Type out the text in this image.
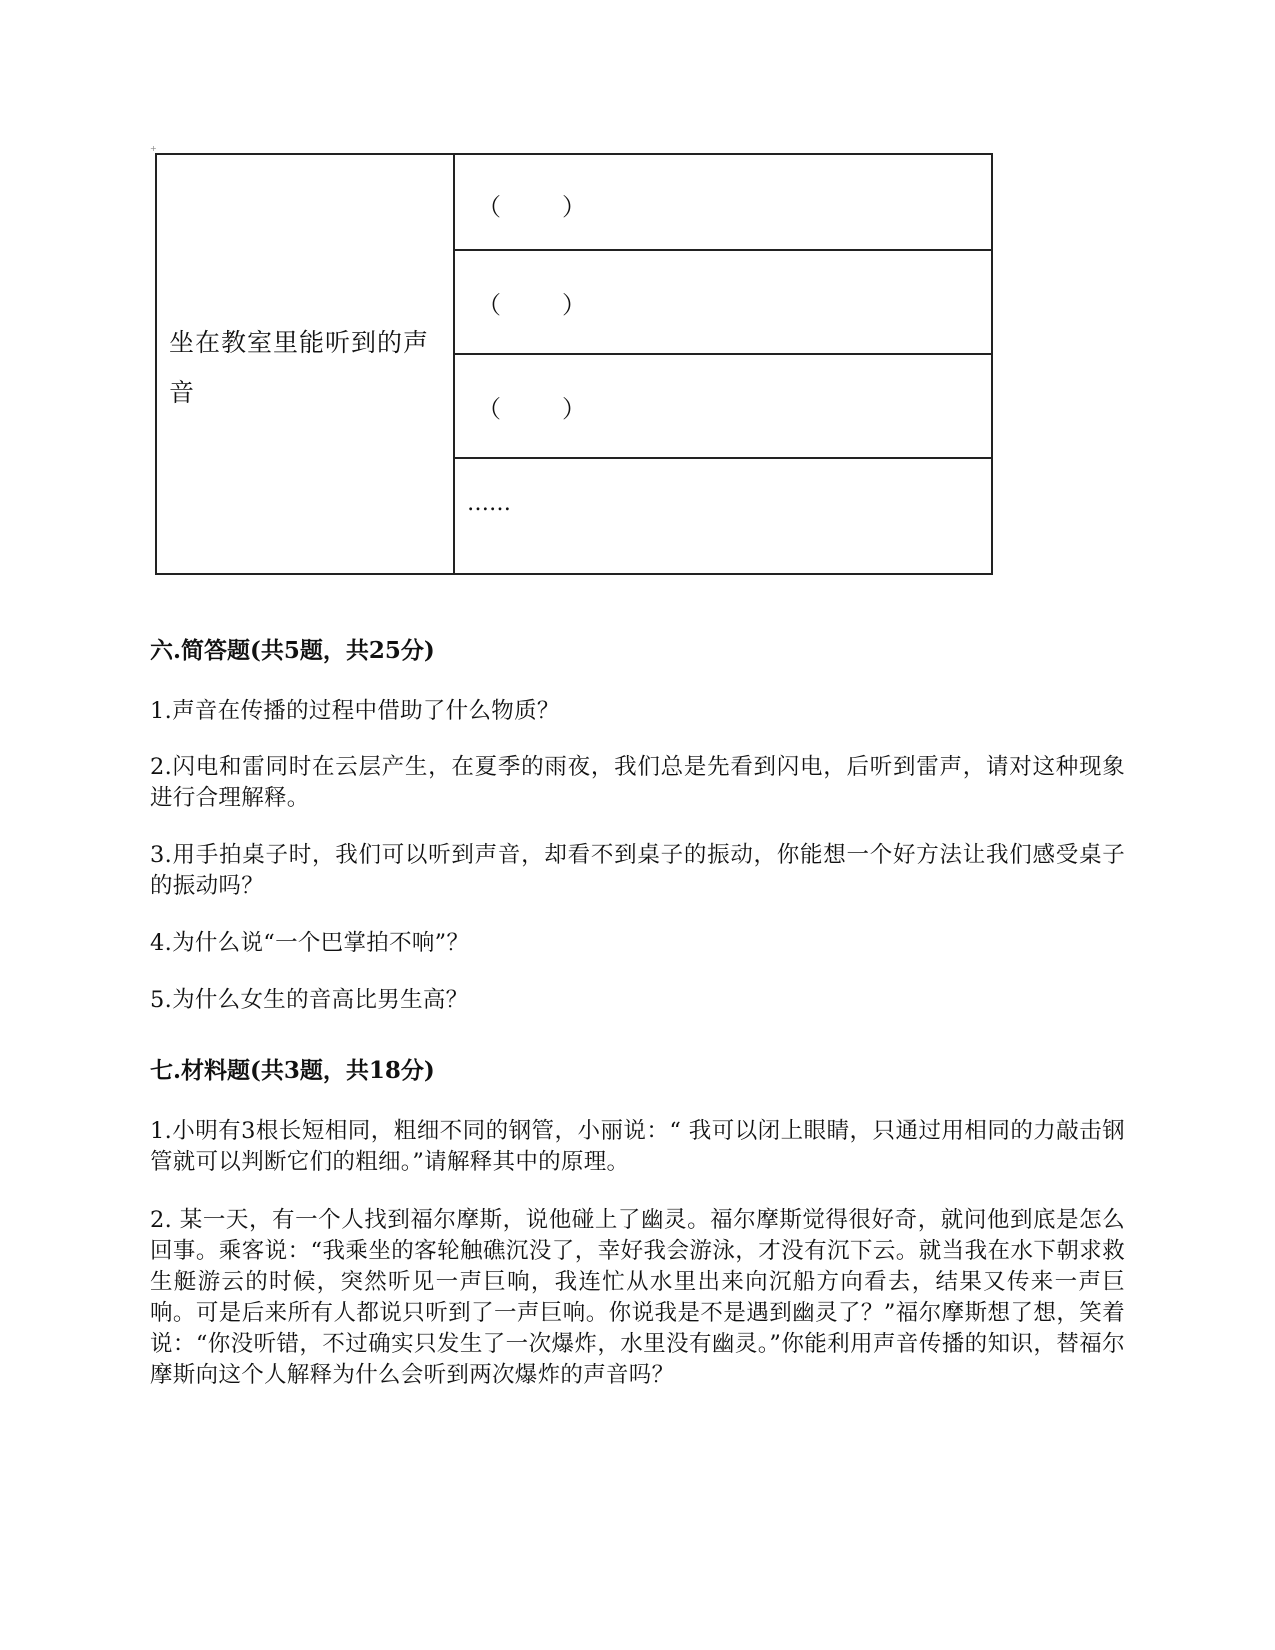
+
坐在教室里能听到的声音
（        ）
（        ）
（        ）
……
六.简答题(共5题，共25分)
1.声音在传播的过程中借助了什么物质？
2.闪电和雷同时在云层产生，在夏季的雨夜，我们总是先看到闪电，后听到雷声，请对这种现象进行合理解释。
3.用手拍桌子时，我们可以听到声音，却看不到桌子的振动，你能想一个好方法让我们感受桌子的振动吗？
4.为什么说“一个巴掌拍不响”？
5.为什么女生的音高比男生高？
七.材料题(共3题，共18分)
1.小明有3根长短相同，粗细不同的钢管，小丽说：“ 我可以闭上眼睛，只通过用相同的力敲击钢管就可以判断它们的粗细。”请解释其中的原理。
2. 某一天，有一个人找到福尔摩斯，说他碰上了幽灵。福尔摩斯觉得很好奇，就问他到底是怎么回事。乘客说：“我乘坐的客轮触礁沉没了，幸好我会游泳，才没有沉下云。就当我在水下朝求救生艇游云的时候，突然听见一声巨响，我连忙从水里出来向沉船方向看去，结果又传来一声巨响。可是后来所有人都说只听到了一声巨响。你说我是不是遇到幽灵了？”福尔摩斯想了想，笑着说：“你没听错，不过确实只发生了一次爆炸，水里没有幽灵。”你能利用声音传播的知识，替福尔摩斯向这个人解释为什么会听到两次爆炸的声音吗？
